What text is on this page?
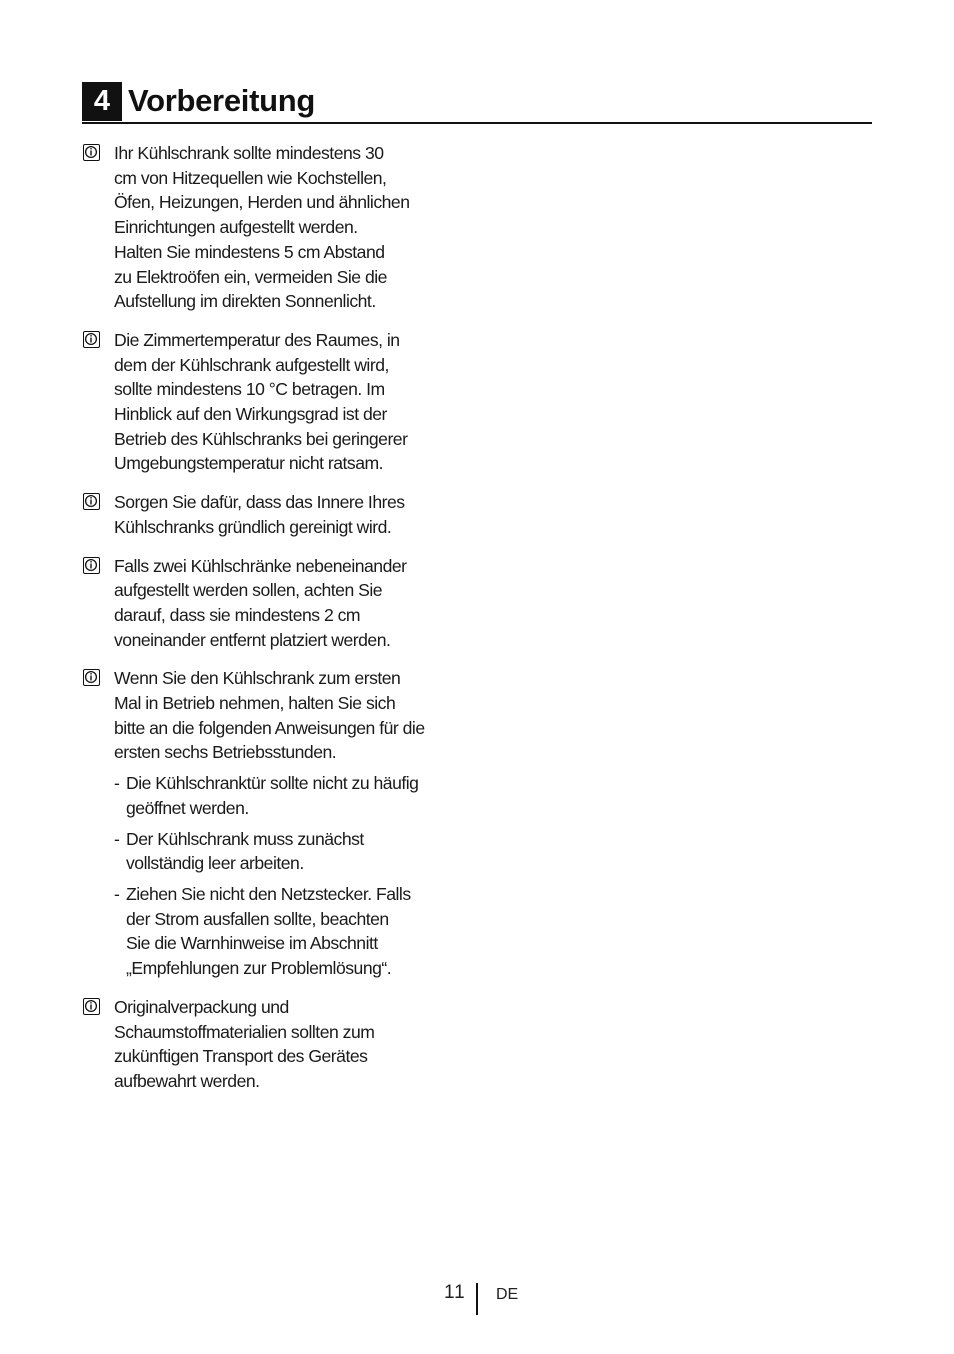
4 Vorbereitung

Ihr Kühlschrank sollte mindestens 30
cm von Hitzequellen wie Kochstellen,
Öfen, Heizungen, Herden und ähnlichen
Einrichtungen aufgestellt werden.
Halten Sie mindestens 5 cm Abstand
zu Elektroöfen ein, vermeiden Sie die
Aufstellung im direkten Sonnenlicht.

Die Zimmertemperatur des Raumes, in
dem der Kühlschrank aufgestellt wird,
sollte mindestens 10 °C betragen. Im
Hinblick auf den Wirkungsgrad ist der
Betrieb des Kühlschranks bei geringerer
Umgebungstemperatur nicht ratsam.

Sorgen Sie dafür, dass das Innere Ihres
Kühlschranks gründlich gereinigt wird.

Falls zwei Kühlschränke nebeneinander
aufgestellt werden sollen, achten Sie
darauf, dass sie mindestens 2 cm
voneinander entfernt platziert werden.

Wenn Sie den Kühlschrank zum ersten
Mal in Betrieb nehmen, halten Sie sich
bitte an die folgenden Anweisungen für die
ersten sechs Betriebsstunden.

- Die Kühlschranktür sollte nicht zu häufig
geöffnet werden.
- Der Kühlschrank muss zunächst
vollständig leer arbeiten.
- Ziehen Sie nicht den Netzstecker. Falls
der Strom ausfallen sollte, beachten
Sie die Warnhinweise im Abschnitt
„Empfehlungen zur Problemlösung“.

Originalverpackung und
Schaumstoffmaterialien sollten zum
zukünftigen Transport des Gerätes
aufbewahrt werden.

11 DE
